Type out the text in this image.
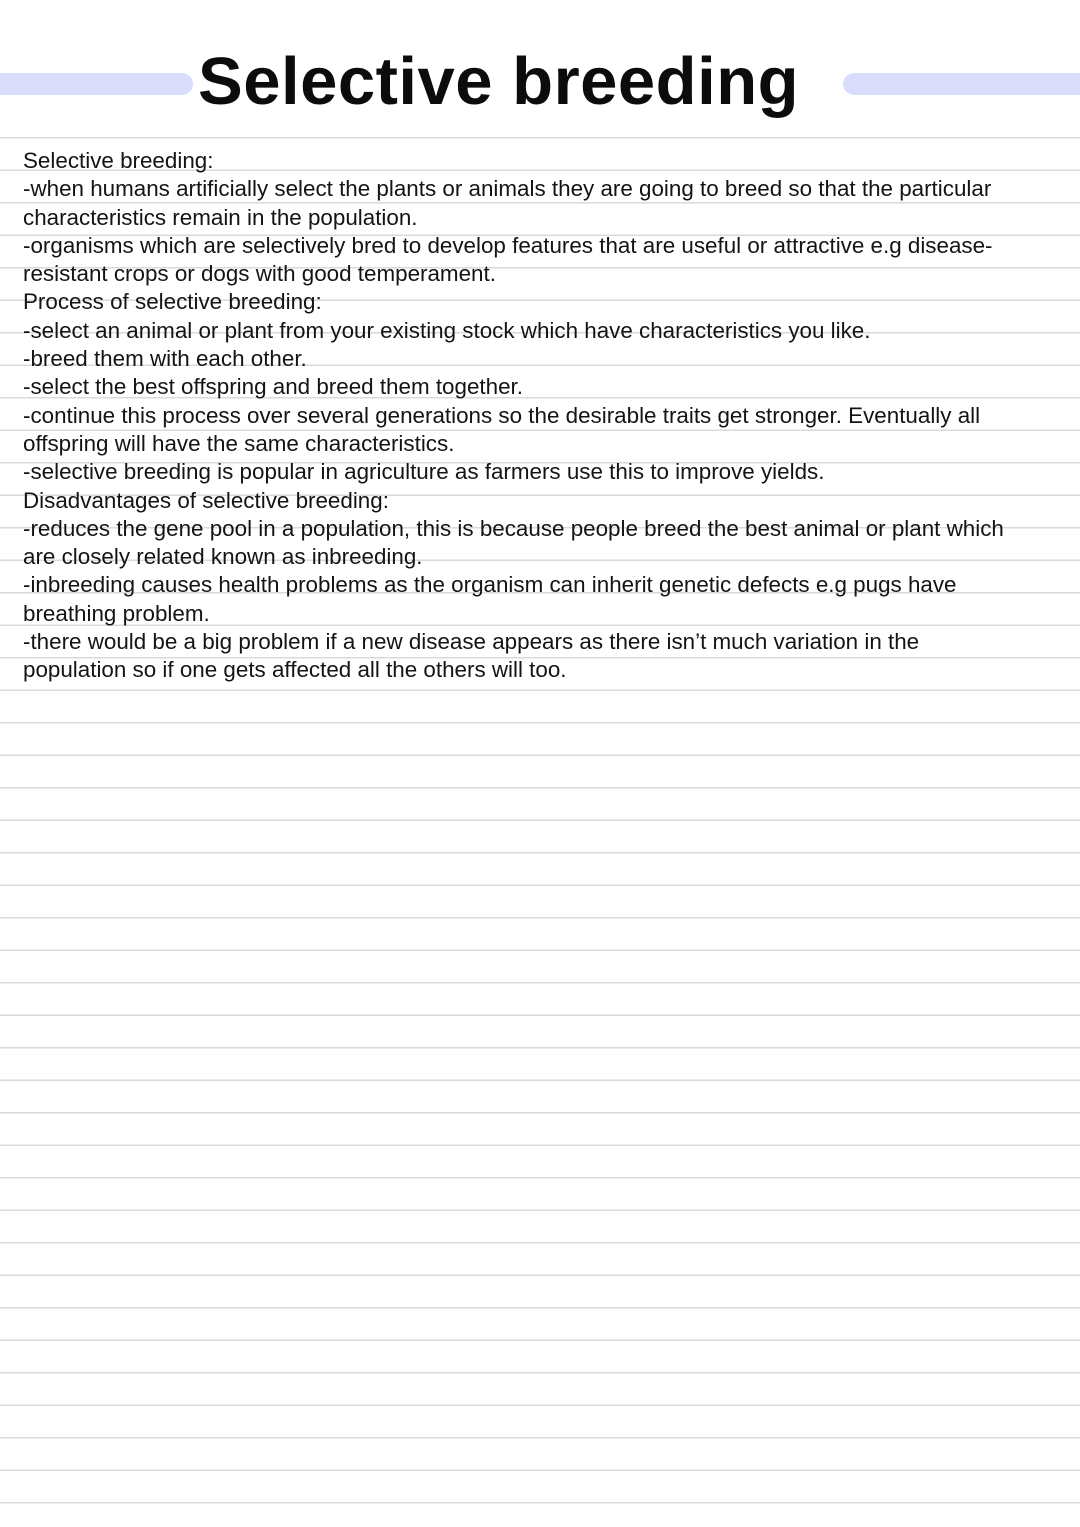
Selective breeding
Selective breeding:
-when humans artificially select the plants or animals they are going to breed so that the particular
characteristics remain in the population.
-organisms which are selectively bred to develop features that are useful or attractive e.g disease-
resistant crops or dogs with good temperament.
Process of selective breeding:
-select an animal or plant from your existing stock which have characteristics you like.
-breed them with each other.
-select the best offspring and breed them together.
-continue this process over several generations so the desirable traits get stronger. Eventually all
offspring will have the same characteristics.
-selective breeding is popular in agriculture as farmers use this to improve yields.
Disadvantages of selective breeding:
-reduces the gene pool in a population, this is because people breed the best animal or plant which
are closely related known as inbreeding.
-inbreeding causes health problems as the organism can inherit genetic defects e.g pugs have
breathing problem.
-there would be a big problem if a new disease appears as there isn’t much variation in the
population so if one gets affected all the others will too.
